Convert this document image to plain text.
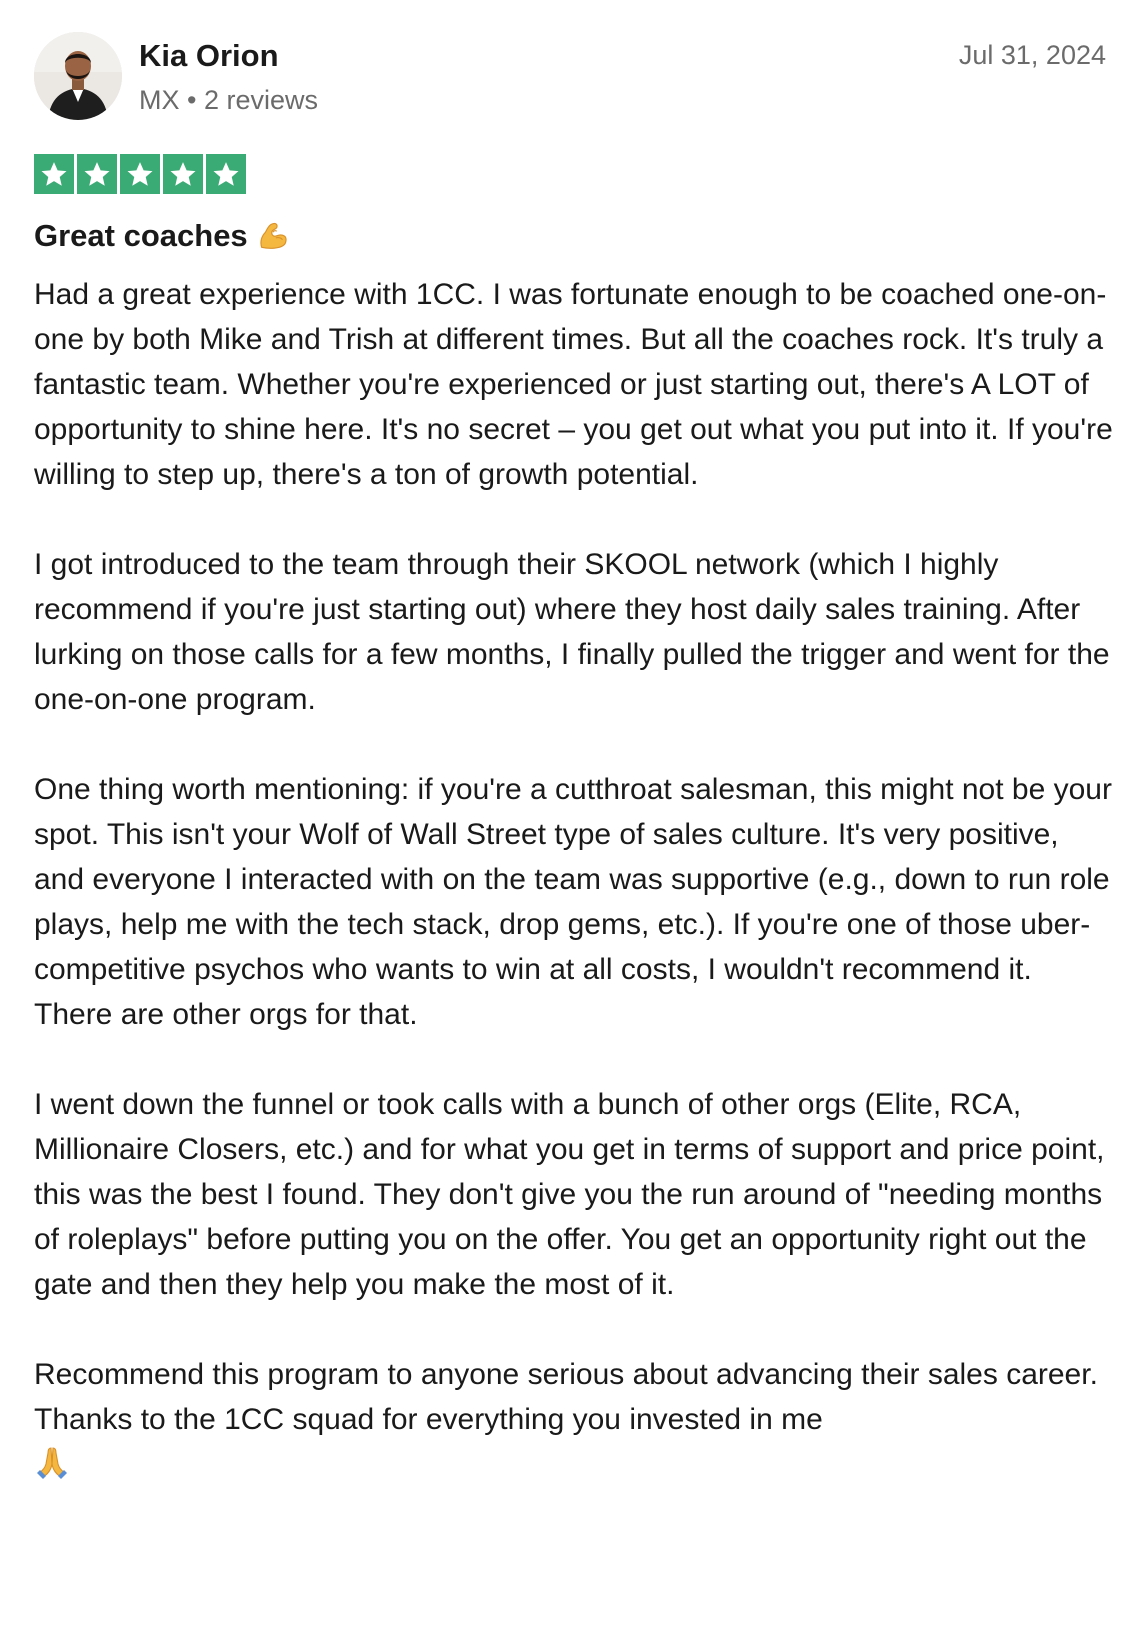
Kia Orion
MX • 2 reviews
Jul 31, 2024
Great coaches

Had a great experience with 1CC. I was fortunate enough to be coached one-on-one by both Mike and Trish at different times. But all the coaches rock. It's truly a fantastic team. Whether you're experienced or just starting out, there's A LOT of opportunity to shine here. It's no secret – you get out what you put into it. If you're willing to step up, there's a ton of growth potential.

I got introduced to the team through their SKOOL network (which I highly recommend if you're just starting out) where they host daily sales training. After lurking on those calls for a few months, I finally pulled the trigger and went for the one-on-one program.

One thing worth mentioning: if you're a cutthroat salesman, this might not be your spot. This isn't your Wolf of Wall Street type of sales culture. It's very positive, and everyone I interacted with on the team was supportive (e.g., down to run role plays, help me with the tech stack, drop gems, etc.). If you're one of those uber-competitive psychos who wants to win at all costs, I wouldn't recommend it. There are other orgs for that.

I went down the funnel or took calls with a bunch of other orgs (Elite, RCA, Millionaire Closers, etc.) and for what you get in terms of support and price point, this was the best I found. They don't give you the run around of "needing months of roleplays" before putting you on the offer. You get an opportunity right out the gate and then they help you make the most of it.

Recommend this program to anyone serious about advancing their sales career. Thanks to the 1CC squad for everything you invested in me
